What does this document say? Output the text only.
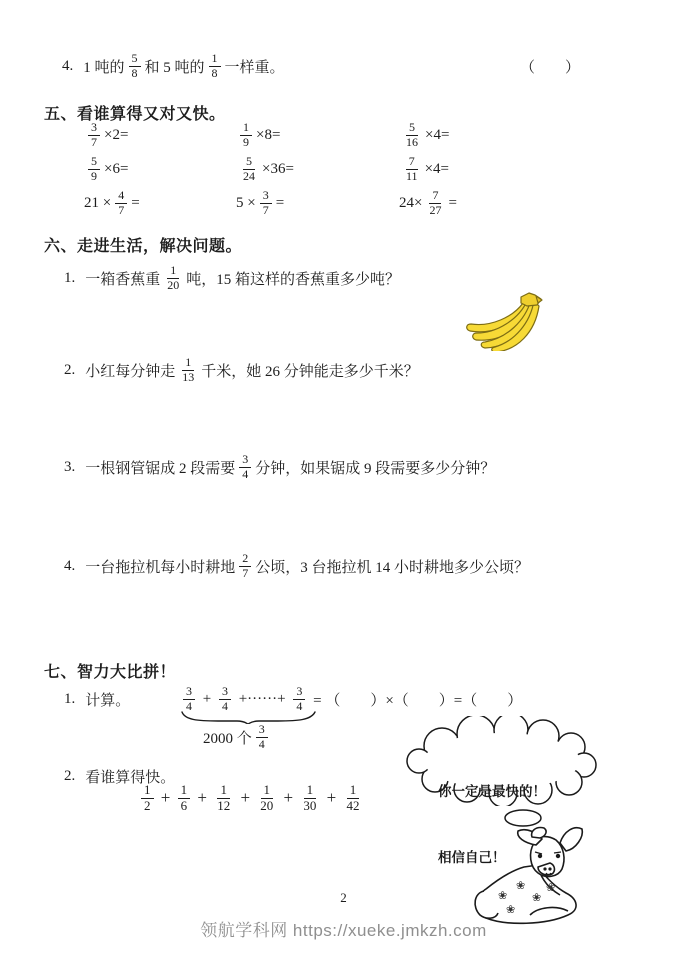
4. 1 吨的 $\frac{5}{8}$ 和 5 吨的 $\frac{1}{8}$ 一样重。	（　　）
五、看谁算得又对又快。
$\frac{3}{7} \times 2=$	$\frac{1}{9} \times 8=$	$\frac{5}{16} \times 4=$
$\frac{5}{9} \times 6=$	$\frac{5}{24} \times 36=$	$\frac{7}{11} \times 4=$
$21 \times \frac{4}{7}$ =	$5 \times \frac{3}{7}$ =	$24\times \frac{7}{27}$ =
六、走进生活，解决问题。
1. 一箱香蕉重 $\frac{1}{20}$ 吨，15 箱这样的香蕉重多少吨？
2. 小红每分钟走 $\frac{1}{13}$ 千米，她 26 分钟能走多少千米？
3. 一根钢管锯成 2 段需要 $\frac{3}{4}$ 分钟，如果锯成 9 段需要多少分钟？
4. 一台拖拉机每小时耕地 $\frac{2}{7}$ 公顷，3 台拖拉机 14 小时耕地多少公顷？
七、智力大比拼！
1. 计算。	$\frac{3}{4} + \frac{3}{4}$ +······+ $\frac{3}{4}$ = （　　）×（　　）=（　　）
2000 个 $\frac{3}{4}$
2. 看谁算得快。
$\frac{1}{2} + \frac{1}{6} + \frac{1}{12} + \frac{1}{20} + \frac{1}{30} + \frac{1}{42}$

	你一定是最快的！

相信自己！

❀
❀
❀
❀
❀
2
领航学科网 https://xueke.jmkzh.com
